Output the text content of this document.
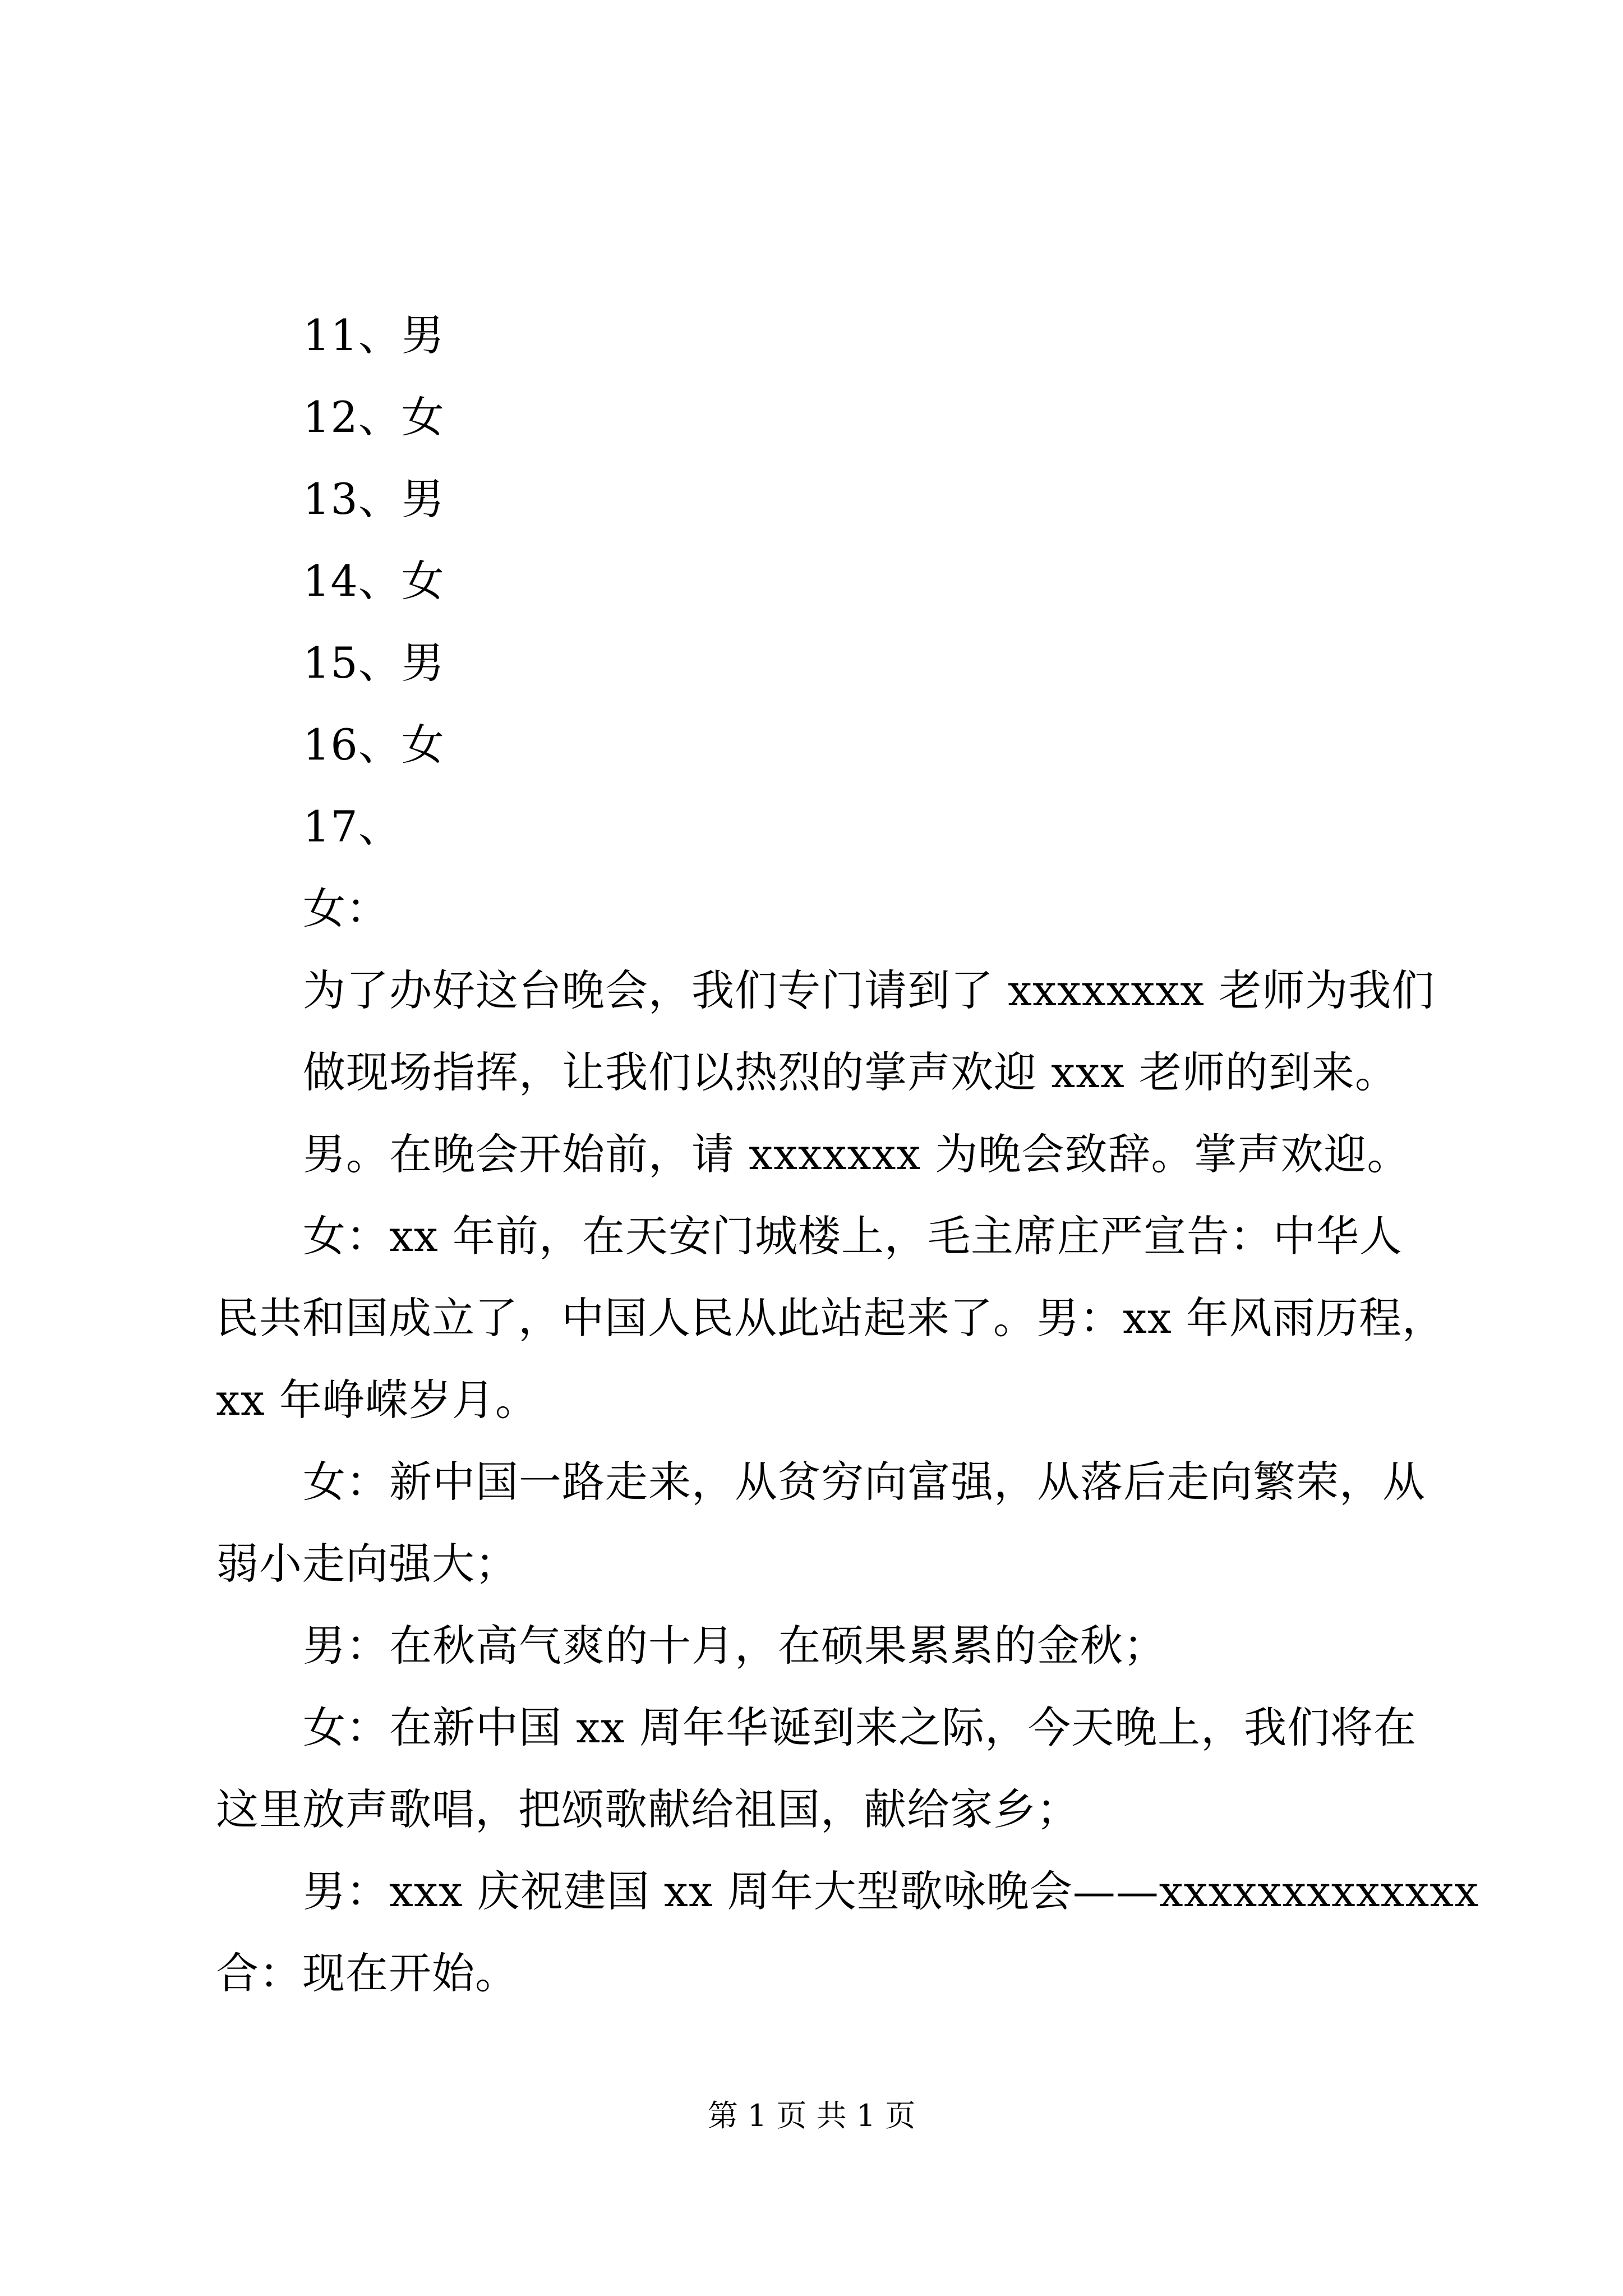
11、男
12、女
13、男
14、女
15、男
16、女
17、
女：
为了办好这台晚会，我们专门请到了 xxxxxxxx 老师为我们
做现场指挥，让我们以热烈的掌声欢迎 xxx 老师的到来。
男。在晚会开始前，请 xxxxxxx 为晚会致辞。掌声欢迎。
女：xx 年前，在天安门城楼上，毛主席庄严宣告：中华人
民共和国成立了，中国人民从此站起来了。男：xx 年风雨历程，
xx 年峥嵘岁月。
女：新中国一路走来，从贫穷向富强，从落后走向繁荣，从
弱小走向强大；
男：在秋高气爽的十月，在硕果累累的金秋；
女：在新中国 xx 周年华诞到来之际，今天晚上，我们将在
这里放声歌唱，把颂歌献给祖国，献给家乡；
男：xxx 庆祝建国 xx 周年大型歌咏晚会——xxxxxxxxxxxxx
合：现在开始。
第 1 页 共 1 页
